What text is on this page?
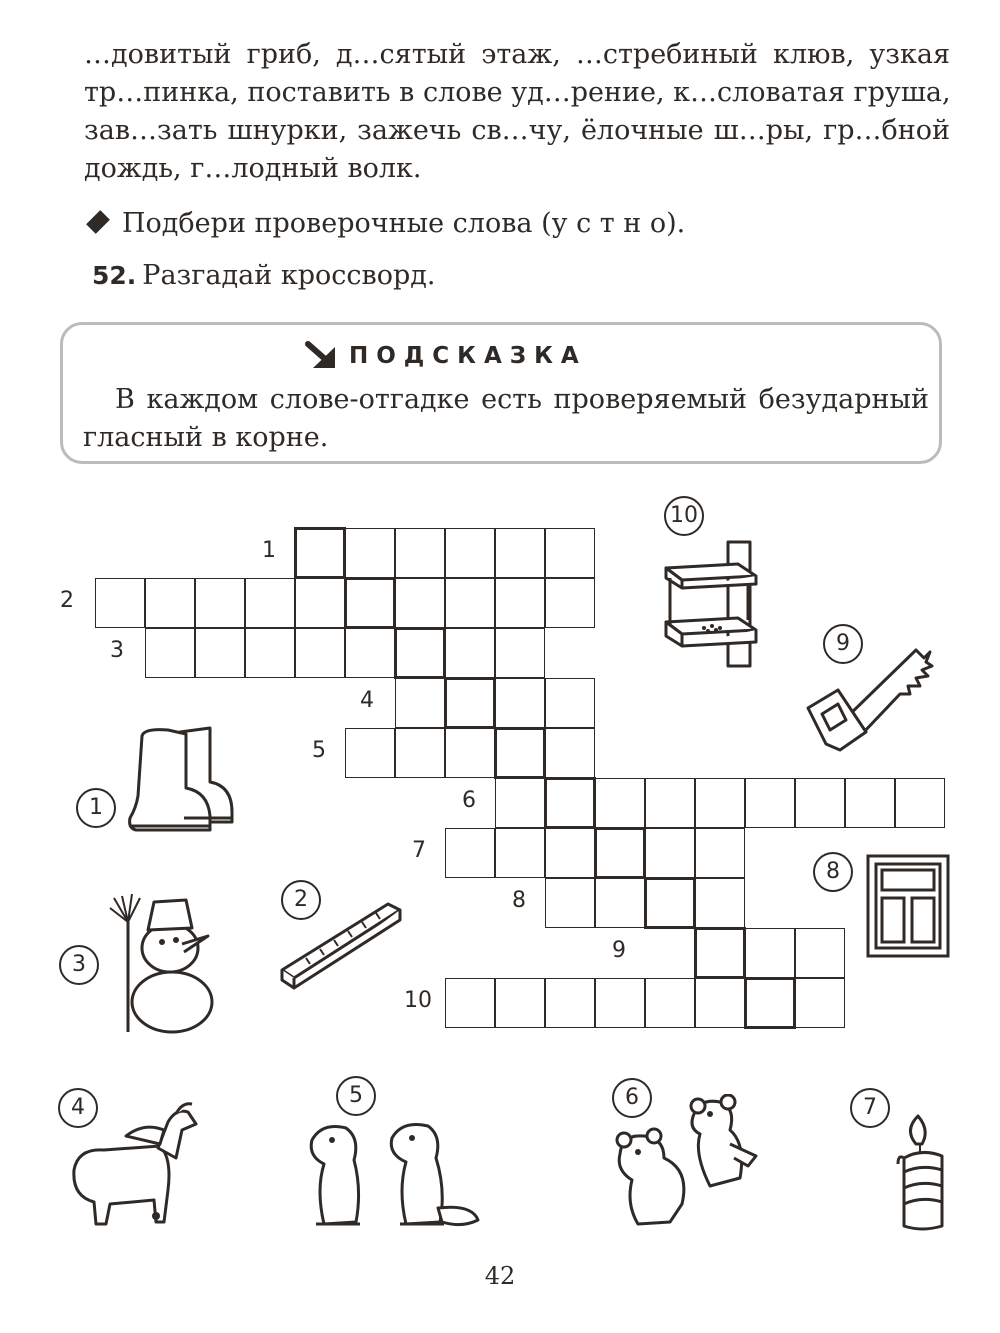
…довитый гриб, д…сятый этаж, …стребиный клюв, узкая
тр…пинка, поставить в слове уд…рение, к…словатая груша,
зав…зать шнурки, зажечь св…чу, ёлочные ш…ры, гр…бной
дождь, г…лодный волк.
Подбери проверочные слова (у с т н о).
52. Разгадай кроссворд.
ПОДСКАЗКА
В каждом слове-отгадке есть проверяемый безударный
гласный в корне.
1
2
3
4
5
6
7
8
9
10
10
9
1
8
2
3
4	5	6	7
42
